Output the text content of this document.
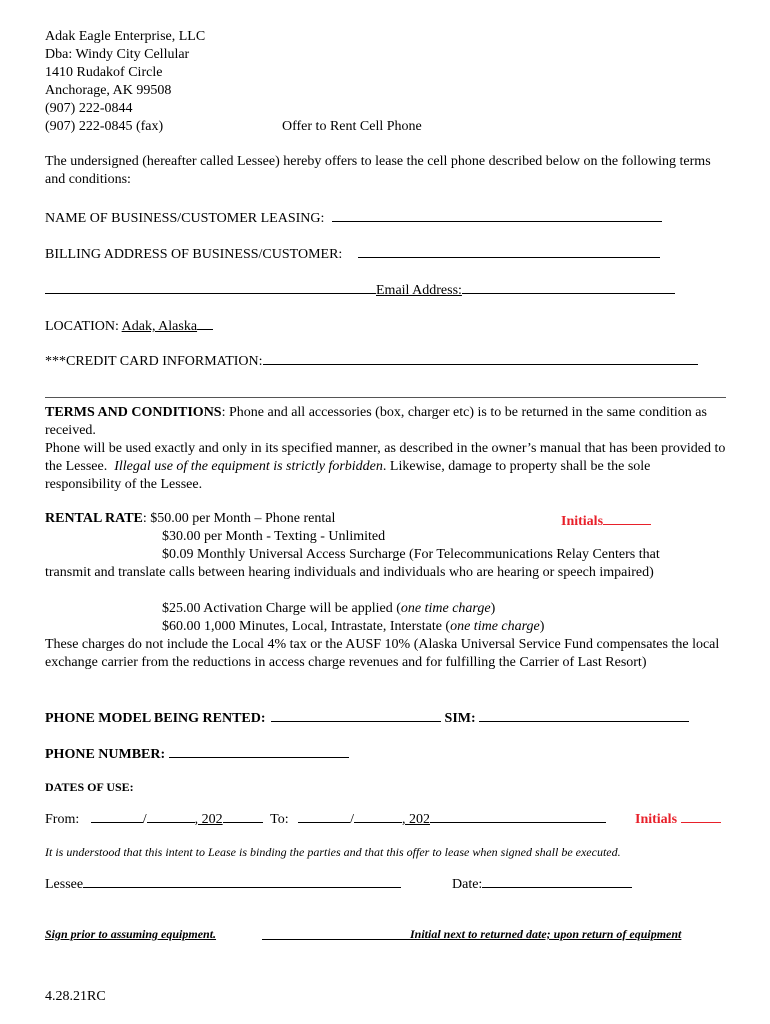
Adak Eagle Enterprise, LLC
Dba: Windy City Cellular
1410 Rudakof Circle
Anchorage, AK 99508
(907) 222-0844
(907) 222-0845 (fax)	Offer to Rent Cell Phone
The undersigned (hereafter called Lessee) hereby offers to lease the cell phone described below on the following terms and conditions:
NAME OF BUSINESS/CUSTOMER LEASING:
BILLING ADDRESS OF BUSINESS/CUSTOMER:
Email Address:
LOCATION: Adak, Alaska
***CREDIT CARD INFORMATION:
TERMS AND CONDITIONS: Phone and all accessories (box, charger etc) is to be returned in the same condition as received.
Phone will be used exactly and only in its specified manner, as described in the owner’s manual that has been provided to the Lessee. Illegal use of the equipment is strictly forbidden. Likewise, damage to property shall be the sole responsibility of the Lessee.
RENTAL RATE: $50.00 per Month – Phone rental	Initials
$30.00 per Month - Texting - Unlimited
$0.09 Monthly Universal Access Surcharge (For Telecommunications Relay Centers that
transmit and translate calls between hearing individuals and individuals who are hearing or speech impaired)
$25.00 Activation Charge will be applied (one time charge)
$60.00 1,000 Minutes, Local, Intrastate, Interstate (one time charge)
These charges do not include the Local 4% tax or the AUSF 10% (Alaska Universal Service Fund compensates the local exchange carrier from the reductions in access charge revenues and for fulfilling the Carrier of Last Resort)
PHONE MODEL BEING RENTED:	SIM:
PHONE NUMBER:
DATES OF USE:
From:	/	, 202	To:	/	, 202	Initials
It is understood that this intent to Lease is binding the parties and that this offer to lease when signed shall be executed.
Lessee	Date:
Sign prior to assuming equipment.	Initial next to returned date; upon return of equipment
4.28.21RC
